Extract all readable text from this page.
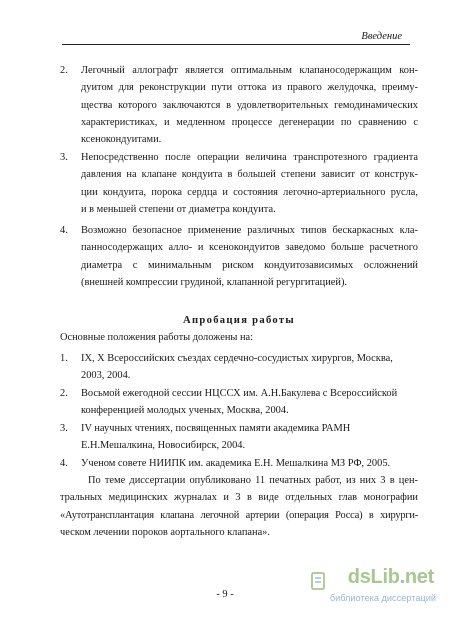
Введение
2. Легочный аллографт является оптимальным клапаносодержащим кон-
дуитом для реконструкции пути оттока из правого желудочка, преиму-
щества которого заключаются в удовлетворительных гемодинамических
характеристиках, и медленном процессе дегенерации по сравнению с
ксенокондуитами.
3. Непосредственно после операции величина транспротезного градиента
давления на клапане кондуита в большей степени зависит от конструк-
ции кондуита, порока сердца и состояния легочно-артериального русла,
и в меньшей степени от диаметра кондуита.
4. Возможно безопасное применение различных типов бескаркасных кла-
панносодержащих алло- и ксенокондуитов заведомо больше расчетного
диаметра с минимальным риском кондуитозависимых осложнений
(внешней компрессии грудиной, клапанной регургитацией).
Апробация работы
Основные положения работы доложены на:
1. IX, X Всероссийских съездах сердечно-сосудистых хирургов, Москва,
2003, 2004.
2. Восьмой ежегодной сессии НЦССХ им. А.Н.Бакулева с Всероссийской
конференцией молодых ученых, Москва, 2004.
3. IV научных чтениях, посвященных памяти академика РАМН
Е.Н.Мешалкина, Новосибирск, 2004.
4. Ученом совете НИИПК им. академика Е.Н. Мешалкина МЗ РФ, 2005.
По теме диссертации опубликовано 11 печатных работ, из них 3 в цен-
тральных медицинских журналах и 3 в виде отдельных глав монографии
«Аутотрансплантация клапана легочной артерии (операция Росса) в хирурги-
ческом лечении пороков аортального клапана».
- 9 -
dsLib.net
библиотека диссертаций
